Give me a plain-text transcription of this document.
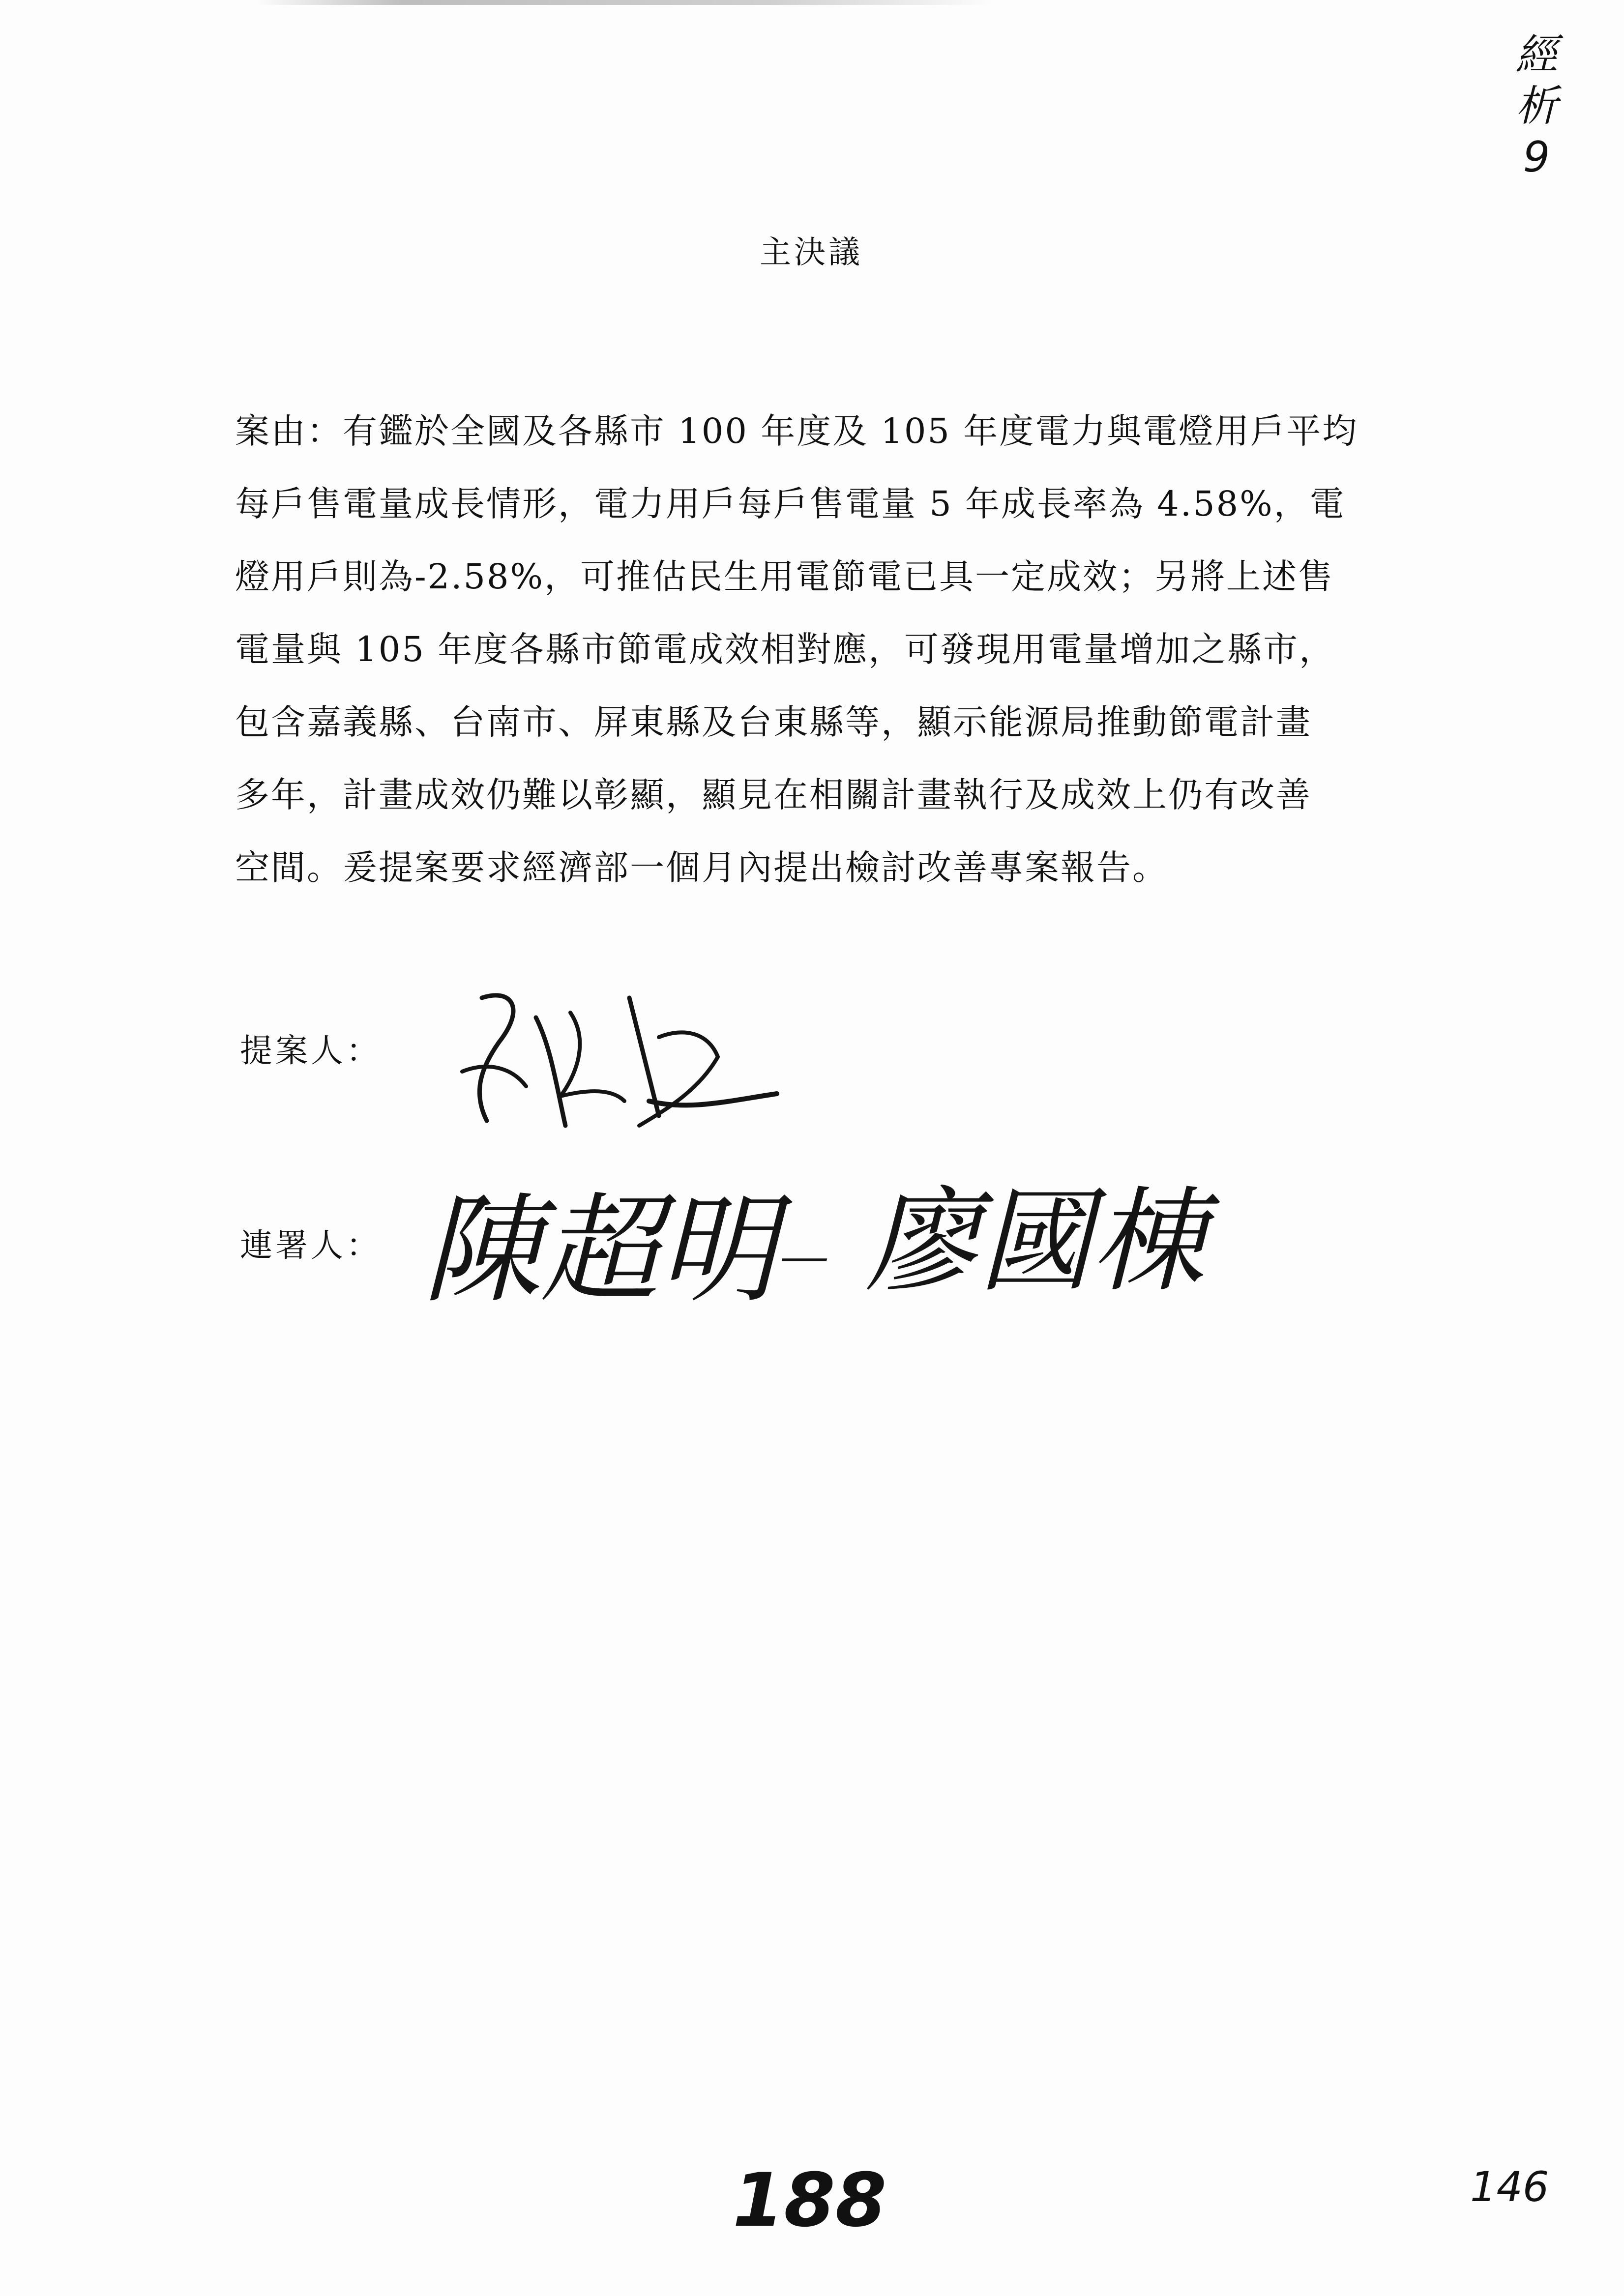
經
析
9
主決議
案由：有鑑於全國及各縣市 100 年度及 105 年度電力與電燈用戶平均
每戶售電量成長情形，電力用戶每戶售電量 5 年成長率為 4.58%，電
燈用戶則為-2.58%，可推估民生用電節電已具一定成效；另將上述售
電量與 105 年度各縣市節電成效相對應，可發現用電量增加之縣市，
包含嘉義縣、台南市、屏東縣及台東縣等，顯示能源局推動節電計畫
多年，計畫成效仍難以彰顯，顯見在相關計畫執行及成效上仍有改善
空間。爰提案要求經濟部一個月內提出檢討改善專案報告。
提案人：
連署人： 陳超明
－ 廖國棟
188	146
